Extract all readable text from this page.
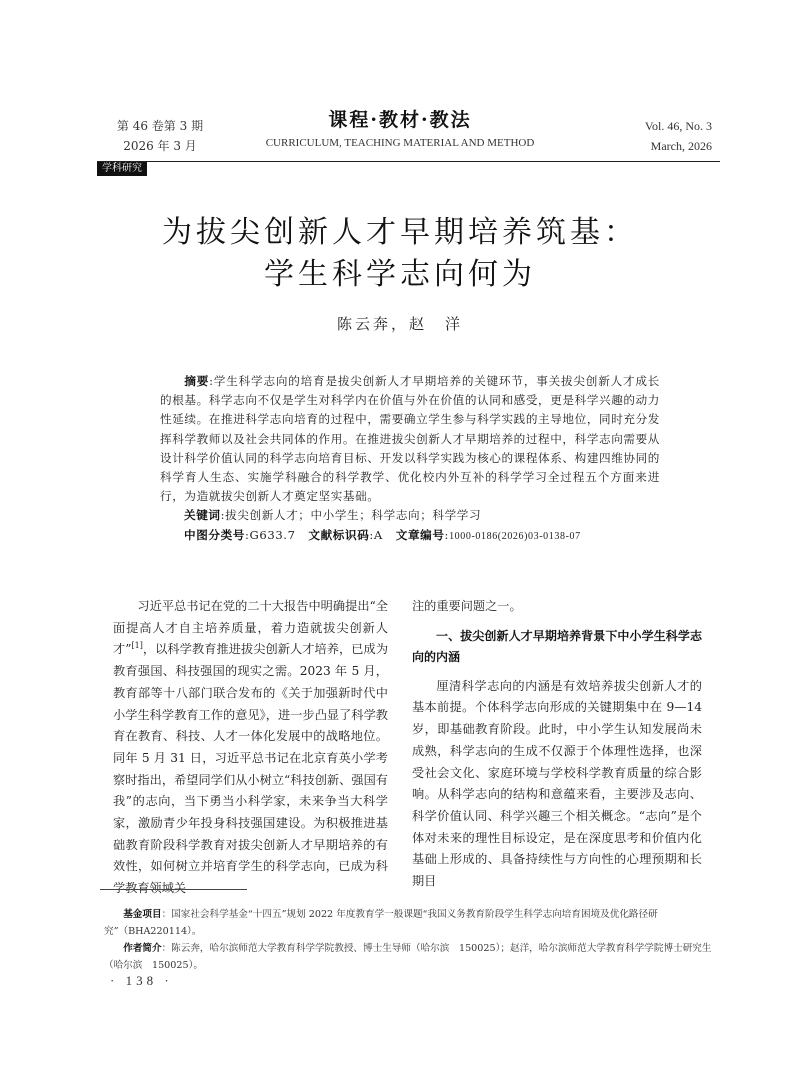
第 46 卷第 3 期
2026 年 3 月
课程·教材·教法
CURRICULUM, TEACHING MATERIAL AND METHOD
Vol. 46, No. 3
March, 2026
学科研究
为拔尖创新人才早期培养筑基：
学生科学志向何为
陈云奔，赵　洋

摘要:学生科学志向的培育是拔尖创新人才早期培养的关键环节，事关拔尖创新人才成长的根基。科学志向不仅是学生对科学内在价值与外在价值的认同和感受，更是科学兴趣的动力性延续。在推进科学志向培育的过程中，需要确立学生参与科学实践的主导地位，同时充分发挥科学教师以及社会共同体的作用。在推进拔尖创新人才早期培养的过程中，科学志向需要从设计科学价值认同的科学志向培育目标、开发以科学实践为核心的课程体系、构建四维协同的科学育人生态、实施学科融合的科学教学、优化校内外互补的科学学习全过程五个方面来进行，为造就拔尖创新人才奠定坚实基础。

关键词:拔尖创新人才；中小学生；科学志向；科学学习

中图分类号:G633.7 文献标识码:A 文章编号:1000-0186(2026)03-0138-07

习近平总书记在党的二十大报告中明确提出“全面提高人才自主培养质量，着力造就拔尖创新人才”[1]，以科学教育推进拔尖创新人才培养，已成为教育强国、科技强国的现实之需。2023 年 5 月，教育部等十八部门联合发布的《关于加强新时代中小学生科学教育工作的意见》，进一步凸显了科学教育在教育、科技、人才一体化发展中的战略地位。同年 5 月 31 日，习近平总书记在北京育英小学考察时指出，希望同学们从小树立“科技创新、强国有我”的志向，当下勇当小科学家，未来争当大科学家，激励青少年投身科技强国建设。为积极推进基础教育阶段科学教育对拔尖创新人才早期培养的有效性，如何树立并培育学生的科学志向，已成为科

注的重要问题之一。

一、拔尖创新人才早期培养背景下中小学生科学志向的内涵

厘清科学志向的内涵是有效培养拔尖创新人才的基本前提。个体科学志向形成的关键期集中在 9—14 岁，即基础教育阶段。此时，中小学生认知发展尚未成熟，科学志向的生成不仅源于个体理性选择，也深受社会文化、家庭环境与学校科学教育质量的综合影响。从科学志向的结构和意蕴来看，主要涉及志向、科学价值认同、科学兴趣三个相关概念。“志向”是个体对未来的理性目标设定，是在深度思考和价值内化基础上形成的、具备持续性与方向性的心理预期和长期目

基金项目：国家社会科学基金“十四五”规划 2022 年度教育学一般课题“我国义务教育阶段学生科学志向培育困境及优化路径研究”（BHA220114）。

作者简介：陈云奔，哈尔滨师范大学教育科学学院教授、博士生导师（哈尔滨　150025）；赵洋，哈尔滨师范大学教育科学学院博士研究生（哈尔滨　150025）。

· 138 ·
